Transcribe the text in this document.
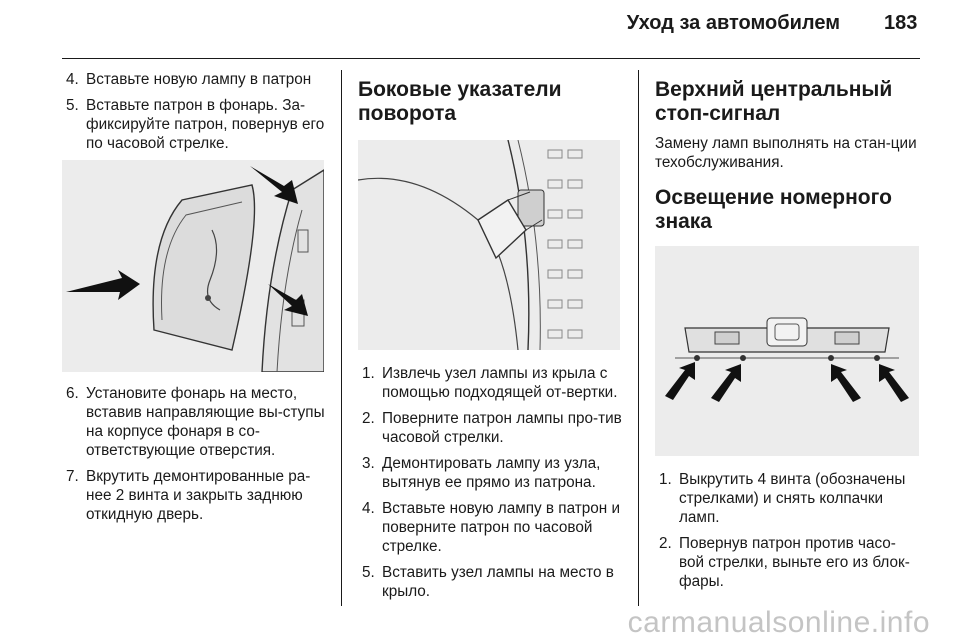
Уход за автомобилем 183
4. Вставьте новую лампу в патрон
5. Вставьте патрон в фонарь. За-фиксируйте патрон, повернув его по часовой стрелке.
6. Установите фонарь на место, вставив направляющие вы-ступы на корпусе фонаря в со-ответствующие отверстия.
7. Вкрутить демонтированные ра-нее 2 винта и закрыть заднюю откидную дверь.
Боковые указатели поворота
1. Извлечь узел лампы из крыла с помощью подходящей от-вертки.
2. Поверните патрон лампы про-тив часовой стрелки.
3. Демонтировать лампу из узла, вытянув ее прямо из патрона.
4. Вставьте новую лампу в патрон и поверните патрон по часовой стрелке.
5. Вставить узел лампы на место в крыло.
Верхний центральный стоп-сигнал

Замену ламп выполнять на стан-ции техобслуживания.

Освещение номерного знака
1. Выкрутить 4 винта (обозначены стрелками) и снять колпачки ламп.
2. Повернув патрон против часо-вой стрелки, выньте его из блок-фары.
carmanualsonline.info
